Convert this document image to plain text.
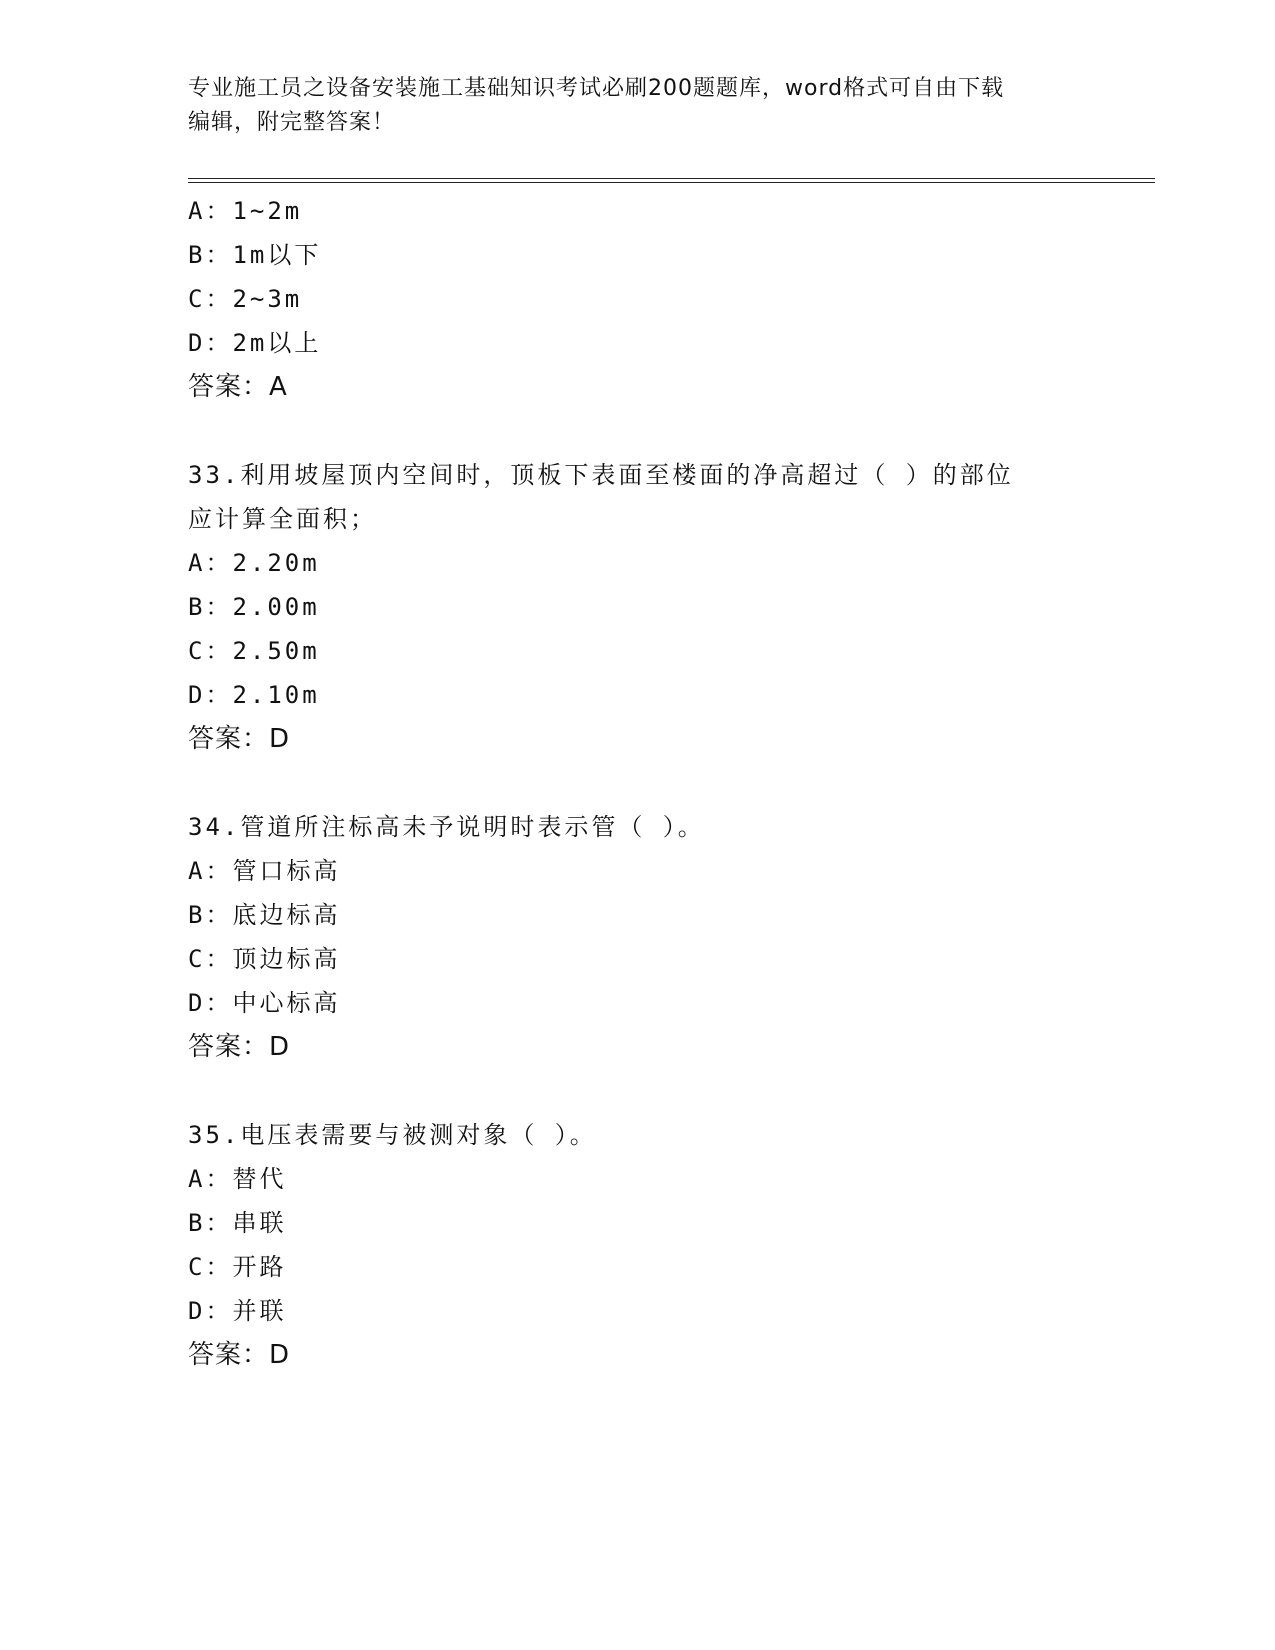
专业施工员之设备安装施工基础知识考试必刷200题题库，word格式可自由下载
编辑，附完整答案！
A：1~2m
B：1m以下
C：2~3m
D：2m以上
答案：A
33.利用坡屋顶内空间时，顶板下表面至楼面的净高超过（ ）的部位
应计算全面积；
A：2.20m
B：2.00m
C：2.50m
D：2.10m
答案：D
34.管道所注标高未予说明时表示管（ ）。
A：管口标高
B：底边标高
C：顶边标高
D：中心标高
答案：D
35.电压表需要与被测对象（ ）。
A：替代
B：串联
C：开路
D：并联
答案：D
